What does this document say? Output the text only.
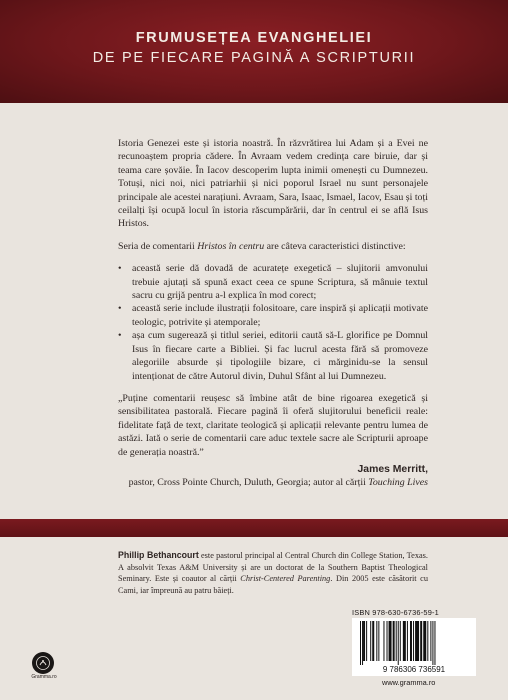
FRUMUSEȚEA EVANGHELIEI
DE PE FIECARE PAGINĂ A SCRIPTURII

Istoria Genezei este și istoria noastră. În răzvrătirea lui Adam și a Evei ne recunoaștem propria cădere. În Avraam vedem credința care biruie, dar și teama care șovăie. În Iacov descoperim lupta inimii omenești cu Dumnezeu. Totuși, nici noi, nici patriarhii și nici poporul Israel nu sunt personajele principale ale acestei narațiuni. Avraam, Sara, Isaac, Ismael, Iacov, Esau și toți ceilalți își ocupă locul în istoria răscumpărării, dar în centrul ei se află Isus Hristos.

Seria de comentarii Hristos în centru are câteva caracteristici distinctive:

• această serie dă dovadă de acuratețe exegetică – slujitorii amvonului trebuie ajutați să spună exact ceea ce spune Scriptura, să mânuie textul sacru cu grijă pentru a-l explica în mod corect;
• această serie include ilustrații folositoare, care inspiră și aplicații motivate teologic, potrivite și atemporale;
• așa cum sugerează și titlul seriei, editorii caută să-L glorifice pe Domnul Isus în fiecare carte a Bibliei. Și fac lucrul acesta fără să promoveze alegoriile absurde și tipologiile bizare, ci mărginidu-se la sensul intenționat de către Autorul divin, Duhul Sfânt al lui Dumnezeu.

„Puține comentarii reușesc să îmbine atât de bine rigoarea exegetică și sensibilitatea pastorală. Fiecare pagină îi oferă slujitorului beneficii reale: fidelitate față de text, claritate teologică și aplicații relevante pentru lumea de astăzi. Iată o serie de comentarii care aduc textele sacre ale Scripturii aproape de generația noastră.”

James Merritt,
pastor, Cross Pointe Church, Duluth, Georgia; autor al cărții Touching Lives
Phillip Bethancourt este pastorul principal al Central Church din College Station, Texas. A absolvit Texas A&M University și are un doctorat de la Southern Baptist Theological Seminary. Este și coautor al cărții Christ-Centered Parenting. Din 2005 este căsătorit cu Cami, iar împreună au patru băieți.
Gramma.ro
ISBN 978-630-6736-59-1
9 786306 736591
www.gramma.ro
